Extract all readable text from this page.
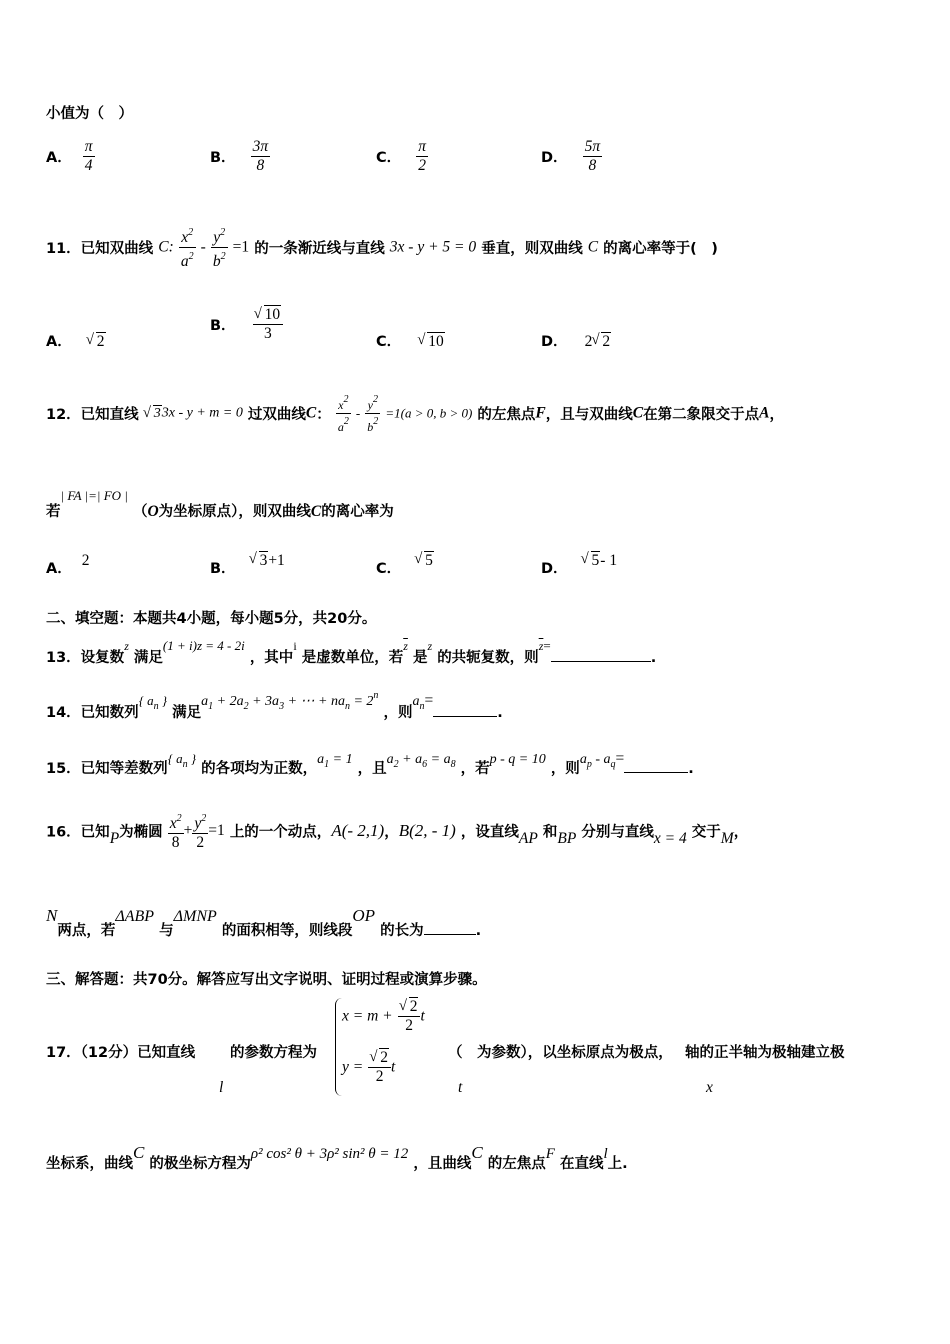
小值为（　）
A． $\frac{\pi}{4}$	B． $\frac{3\pi}{8}$	C． $\frac{\pi}{2}$	D． $\frac{5\pi}{8}$
11．已知双曲线 C: $\frac{x^2}{a^2} - \frac{y^2}{b^2} =1$ 的一条渐近线与直线 3x - y + 5 = 0 垂直，则双曲线 C 的离心率等于(　)
A． √ 2
B． √ $\frac{10}{3}$	C． √ 10	D． 2 √ 2
12．已知直线 √ 33x - y + m = 0 过双曲线C： $\frac{x^2}{a^2} - \frac{y^2}{b^2} =1(a > 0$, b > 0) 的左焦点F，且与双曲线C在第二象限交于点A，
若| FA |=| FO | （O为坐标原点），则双曲线C的离心率为
A． 2	B． √ 3+1	C． √ 5	D． √ 5- 1
二、填空题：本题共4小题，每小题5分，共20分。
13．设复数$^z$ 满足(1 + i)z = 4 - 2i ，其中$^i$ 是虚数单位，若$^{\overline{z}}$ 是$^z$ 的共轭复数，则$^{\overline{z}}$=.
14．已知数列{ $a_n$ } 满足$a_1 + 2a_2 + 3a_3$ + ⋯ + $na_n = 2^n$ ，则$a_n=$.
15．已知等差数列{ $a_n$ } 的各项均为正数，$a_1 = 1$ ，且$a_2 + a_6 = a_8$ ，若p - q = 10 ，则$a_p - a_q=$.
16．已知P为椭圆 $\frac{x^2}{8} + \frac{y^2}{2} =1$ 上的一个动点，A(- 2,1)，B(2, - 1) ，设直线AP 和BP 分别与直线x = 4 交于M，
N两点，若ΔABP 与ΔMNP 的面积相等，则线段OP 的长为	.
三、解答题：共70分。解答应写出文字说明、证明过程或演算步骤。
17．（12分）已知直线	（　为参数），以坐标原点为极点，　 轴的正半轴为极轴建立极
的参数方程为
l	t	x
x = m + √ $\frac{2}{2}$ t
y = √ $\frac{2}{2}$ t
坐标系，曲线C 的极坐标方程为ρ² cos² θ + 3ρ² sin² θ = 12 ，且曲线C 的左焦点F 在直线l上.
